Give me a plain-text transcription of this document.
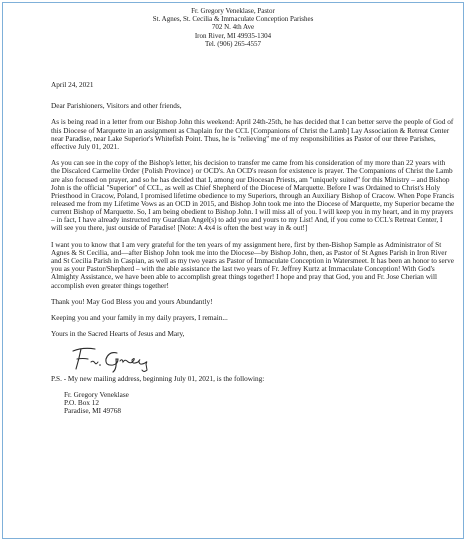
Fr. Gregory Veneklase, Pastor
St. Agnes, St. Cecilia & Immaculate Conception Parishes
702 N. 4th Ave
Iron River, MI 49935-1304
Tel. (906) 265-4557

April 24, 2021

Dear Parishioners, Visitors and other friends,

As is being read in a letter from our Bishop John this weekend: April 24th-25th, he has decided that I can better serve the people of God of this Diocese of Marquette in an assignment as Chaplain for the CCL [Companions of Christ the Lamb] Lay Association & Retreat Center near Paradise, near Lake Superior's Whitefish Point. Thus, he is "relieving" me of my responsibilities as Pastor of our three Parishes, effective July 01, 2021.

As you can see in the copy of the Bishop's letter, his decision to transfer me came from his consideration of my more than 22 years with the Discalced Carmelite Order {Polish Province} or OCD's. An OCD's reason for existence is prayer. The Companions of Christ the Lamb are also focused on prayer, and so he has decided that I, among our Diocesan Priests, am "uniquely suited" for this Ministry – and Bishop John is the official "Superior" of CCL, as well as Chief Shepherd of the Diocese of Marquette. Before I was Ordained to Christ's Holy Priesthood in Cracow, Poland, I promised lifetime obedience to my Superiors, through an Auxiliary Bishop of Cracow. When Pope Francis released me from my Lifetime Vows as an OCD in 2015, and Bishop John took me into the Diocese of Marquette, my Superior became the current Bishop of Marquette. So, I am being obedient to Bishop John. I will miss all of you. I will keep you in my heart, and in my prayers – in fact, I have already instructed my Guardian Angel(s) to add you and yours to my List! And, if you come to CCL's Retreat Center, I will see you there, just outside of Paradise! [Note: A 4x4 is often the best way in & out!]

I want you to know that I am very grateful for the ten years of my assignment here, first by then-Bishop Sample as Administrator of St Agnes & St Cecilia, and—after Bishop John took me into the Diocese—by Bishop John, then, as Pastor of St Agnes Parish in Iron River and St Cecilia Parish in Caspian, as well as my two years as Pastor of Immaculate Conception in Watersmeet. It has been an honor to serve you as your Pastor/Shepherd – with the able assistance the last two years of Fr. Jeffrey Kurtz at Immaculate Conception! With God's Almighty Assistance, we have been able to accomplish great things together! I hope and pray that God, you and Fr. Jose Cherian will accomplish even greater things together!

Thank you! May God Bless you and yours Abundantly!

Keeping you and your family in my daily prayers, I remain...

Yours in the Sacred Hearts of Jesus and Mary,

P.S. - My new mailing address, beginning July 01, 2021, is the following:

Fr. Gregory Veneklase
P.O. Box 12
Paradise, MI 49768
